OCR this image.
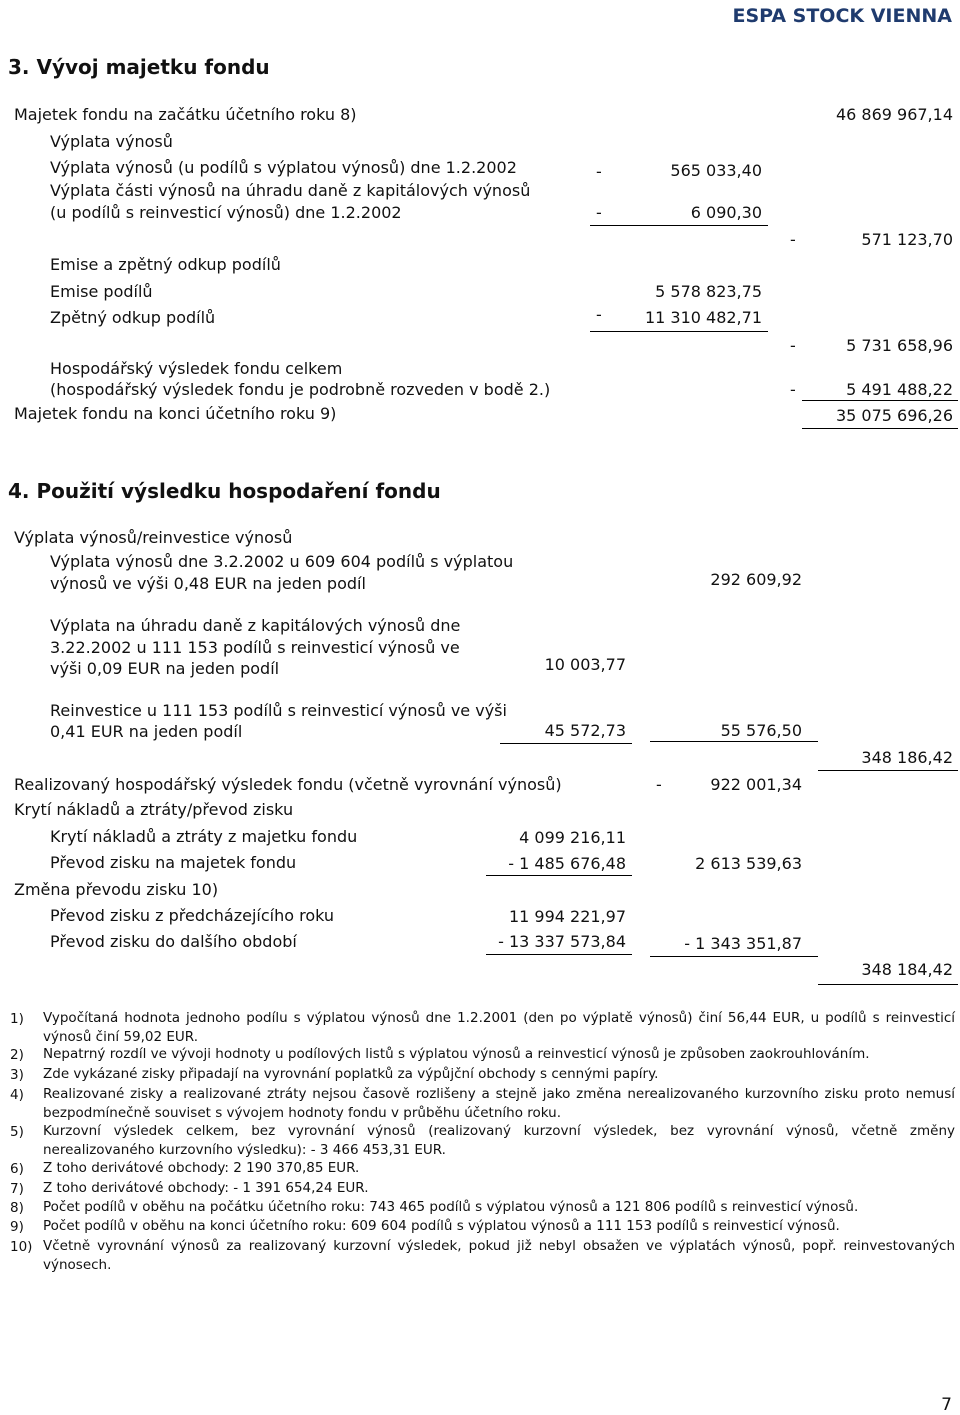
ESPA STOCK VIENNA
3. Vývoj majetku fondu
Majetek fondu na začátku účetního roku 8)	46 869 967,14
Výplata výnosů
Výplata výnosů (u podílů s výplatou výnosů) dne 1.2.2002	-	565 033,40
Výplata části výnosů na úhradu daně z kapitálových výnosů
(u podílů s reinvesticí výnosů) dne 1.2.2002	-	6 090,30
-	571 123,70
Emise a zpětný odkup podílů
Emise podílů	5 578 823,75
Zpětný odkup podílů	-	11 310 482,71
-	5 731 658,96
Hospodářský výsledek fondu celkem
(hospodářský výsledek fondu je podrobně rozveden v bodě 2.)	-	5 491 488,22
Majetek fondu na konci účetního roku 9)	35 075 696,26
4. Použití výsledku hospodaření fondu
Výplata výnosů/reinvestice výnosů
Výplata výnosů dne 3.2.2002 u 609 604 podílů s výplatou
výnosů ve výši 0,48 EUR na jeden podíl	292 609,92
Výplata na úhradu daně z kapitálových výnosů dne
3.22.2002 u 111 153 podílů s reinvesticí výnosů ve
výši 0,09 EUR na jeden podíl	10 003,77
Reinvestice u 111 153 podílů s reinvesticí výnosů ve výši
0,41 EUR na jeden podíl	45 572,73	55 576,50
348 186,42
Realizovaný hospodářský výsledek fondu (včetně vyrovnání výnosů)	-	922 001,34
Krytí nákladů a ztráty/převod zisku
Krytí nákladů a ztráty z majetku fondu	4 099 216,11
Převod zisku na majetek fondu	- 1 485 676,48	2 613 539,63
Změna převodu zisku 10)
Převod zisku z předcházejícího roku	11 994 221,97
Převod zisku do dalšího období	- 13 337 573,84	- 1 343 351,87
348 184,42
1) Vypočítaná hodnota jednoho podílu s výplatou výnosů dne 1.2.2001 (den po výplatě výnosů) činí 56,44 EUR, u podílů s reinvesticí výnosů činí 59,02 EUR.
2) Nepatrný rozdíl ve vývoji hodnoty u podílových listů s výplatou výnosů a reinvesticí výnosů je způsoben zaokrouhlováním.
3) Zde vykázané zisky připadají na vyrovnání poplatků za výpůjční obchody s cennými papíry.
4) Realizované zisky a realizované ztráty nejsou časově rozlišeny a stejně jako změna nerealizovaného kurzovního zisku proto nemusí bezpodmínečně souviset s vývojem hodnoty fondu v průběhu účetního roku.
5) Kurzovní výsledek celkem, bez vyrovnání výnosů (realizovaný kurzovní výsledek, bez vyrovnání výnosů, včetně změny nerealizovaného kurzovního výsledku): - 3 466 453,31 EUR.
6) Z toho derivátové obchody: 2 190 370,85 EUR.
7) Z toho derivátové obchody: - 1 391 654,24 EUR.
8) Počet podílů v oběhu na počátku účetního roku: 743 465 podílů s výplatou výnosů a 121 806 podílů s reinvesticí výnosů.
9) Počet podílů v oběhu na konci účetního roku: 609 604 podílů s výplatou výnosů a 111 153 podílů s reinvesticí výnosů.
10) Včetně vyrovnání výnosů za realizovaný kurzovní výsledek, pokud již nebyl obsažen ve výplatách výnosů, popř. reinvestovaných výnosech.
7
